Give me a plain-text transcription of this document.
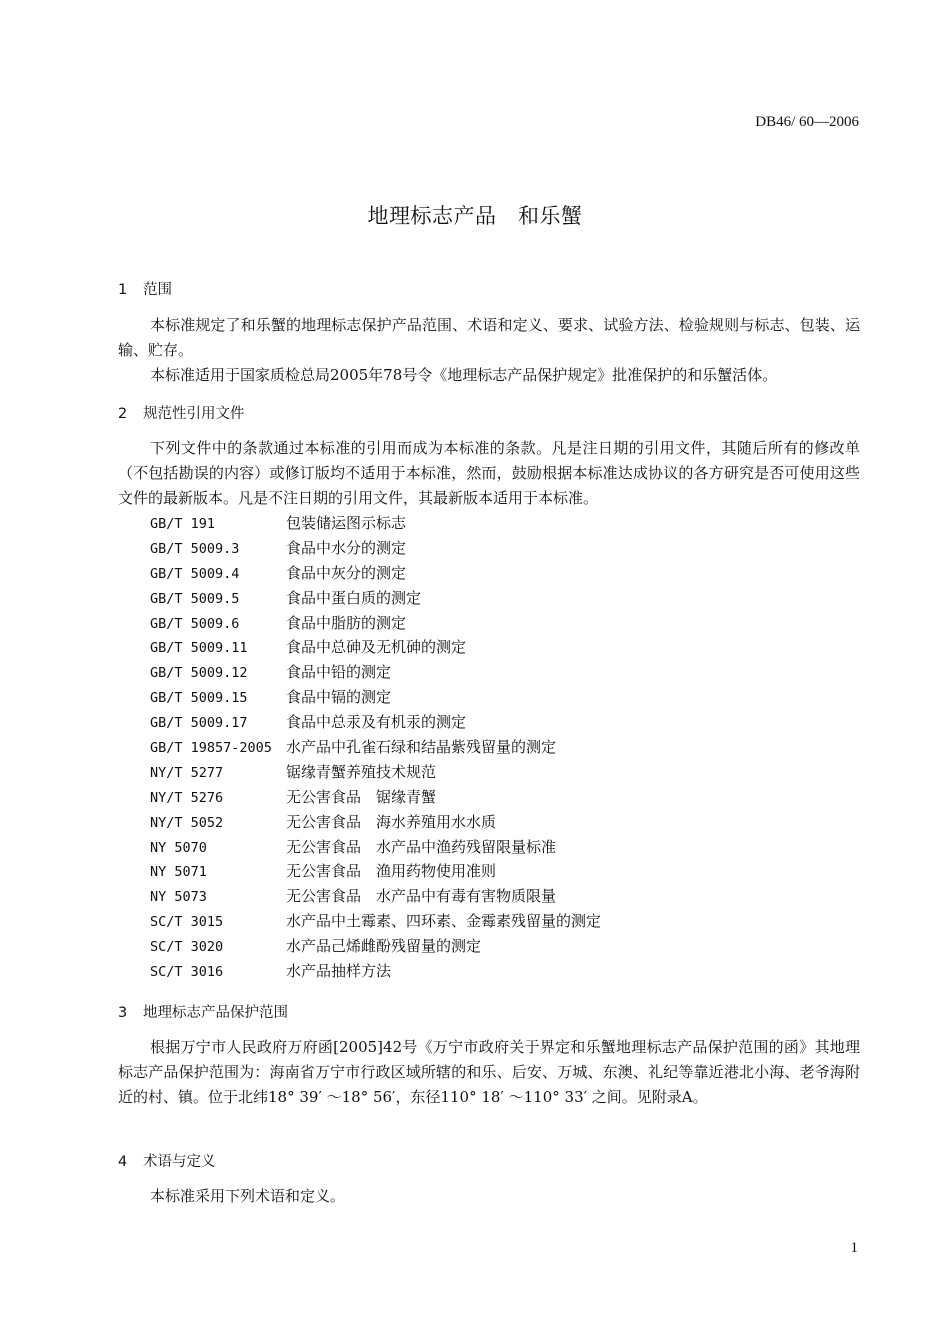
DB46/ 60—2006
地理标志产品　和乐蟹
1 范围
本标准规定了和乐蟹的地理标志保护产品范围、术语和定义、要求、试验方法、检验规则与标志、包装、运输、贮存。
本标准适用于国家质检总局2005年78号令《地理标志产品保护规定》批准保护的和乐蟹活体。
2 规范性引用文件
下列文件中的条款通过本标准的引用而成为本标准的条款。凡是注日期的引用文件，其随后所有的修改单（不包括勘误的内容）或修订版均不适用于本标准，然而，鼓励根据本标准达成协议的各方研究是否可使用这些文件的最新版本。凡是不注日期的引用文件，其最新版本适用于本标准。
GB/T 191	包装储运图示标志
GB/T 5009.3	食品中水分的测定
GB/T 5009.4	食品中灰分的测定
GB/T 5009.5	食品中蛋白质的测定
GB/T 5009.6	食品中脂肪的测定
GB/T 5009.11	食品中总砷及无机砷的测定
GB/T 5009.12	食品中铅的测定
GB/T 5009.15	食品中镉的测定
GB/T 5009.17	食品中总汞及有机汞的测定
GB/T 19857-2005 水产品中孔雀石绿和结晶紫残留量的测定
NY/T 5277	锯缘青蟹养殖技术规范
NY/T 5276	无公害食品　锯缘青蟹
NY/T 5052	无公害食品　海水养殖用水水质
NY 5070	无公害食品　水产品中渔药残留限量标准
NY 5071	无公害食品　渔用药物使用准则
NY 5073	无公害食品　水产品中有毒有害物质限量
SC/T 3015	水产品中土霉素、四环素、金霉素残留量的测定
SC/T 3020	水产品己烯雌酚残留量的测定
SC/T 3016	水产品抽样方法
3 地理标志产品保护范围
根据万宁市人民政府万府函[2005]42号《万宁市政府关于界定和乐蟹地理标志产品保护范围的函》其地理标志产品保护范围为：海南省万宁市行政区域所辖的和乐、后安、万城、东澳、礼纪等靠近港北小海、老爷海附近的村、镇。位于北纬18° 39′ ～18° 56′，东径110° 18′ ～110° 33′ 之间。见附录A。
4 术语与定义
本标准采用下列术语和定义。
1
